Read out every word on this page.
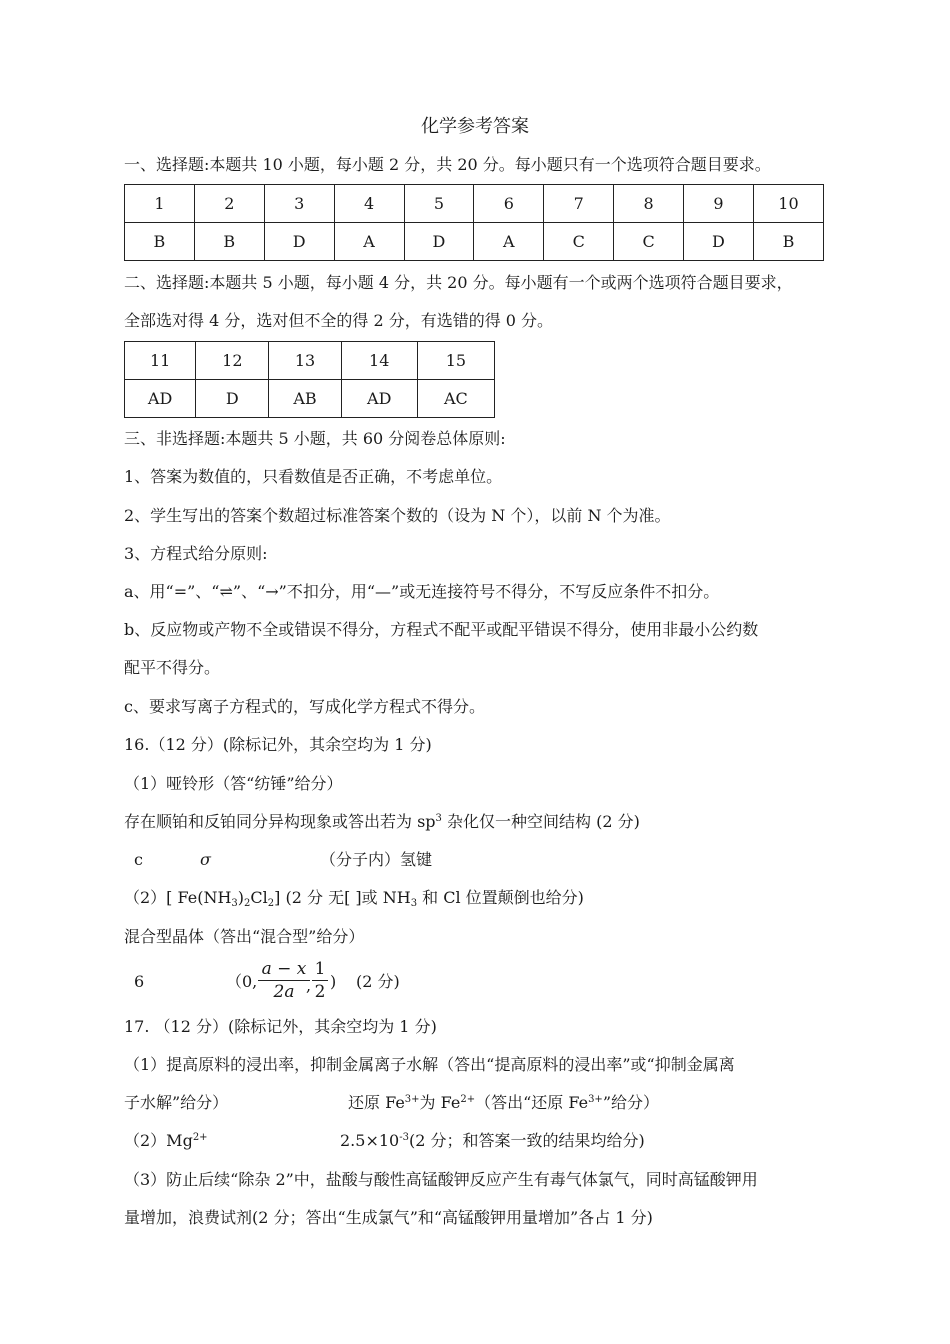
化学参考答案
一、选择题:本题共 10 小题，每小题 2 分，共 20 分。每小题只有一个选项符合题目要求。
1	2	3	4	5	6	7	8	9	10
B	B	D	A	D	A	C	C	D	B
二、选择题:本题共 5 小题，每小题 4 分，共 20 分。每小题有一个或两个选项符合题目要求，
全部选对得 4 分，选对但不全的得 2 分，有选错的得 0 分。
11	12	13	14	15
AD	D	AB	AD	AC
三、非选择题:本题共 5 小题，共 60 分阅卷总体原则:
1、答案为数值的，只看数值是否正确，不考虑单位。
2、学生写出的答案个数超过标准答案个数的（设为 N 个），以前 N 个为准。
3、方程式给分原则:
a、用“=”、“⇌”、“→”不扣分，用“—”或无连接符号不得分，不写反应条件不扣分。
b、反应物或产物不全或错误不得分，方程式不配平或配平错误不得分，使用非最小公约数
配平不得分。
c、要求写离子方程式的，写成化学方程式不得分。
16.（12 分）(除标记外，其余空均为 1 分)
（1）哑铃形（答“纺锤”给分）
存在顺铂和反铂同分异构现象或答出若为 $sp^3$ 杂化仅一种空间结构 (2 分)
c	σ	（分子内）氢键
（2）[ $Fe(NH_3)_2Cl_2$] (2 分 无[ ]或 $NH_3$ 和 Cl 位置颠倒也给分)
混合型晶体（答出“混合型”给分）
6	（0, $\frac{a - x}{2a}$
, $\frac{1}{2}$ ) (2 分)
17. （12 分）(除标记外，其余空均为 1 分)
（1）提高原料的浸出率，抑制金属离子水解（答出“提高原料的浸出率”或“抑制金属离
子水解”给分）	还原 $Fe^{3+}$为 $Fe^{2+}$（答出“还原 $Fe^{3+}$”给分）
$(2)Mg^{2+}$	$2.5\times 10^{-3}(2$ 分；和答案一致的结果均给分)
（3）防止后续“除杂 2”中，盐酸与酸性高锰酸钾反应产生有毒气体氯气，同时高锰酸钾用
量增加，浪费试剂(2 分；答出“生成氯气”和“高锰酸钾用量增加”各占 1 分)
